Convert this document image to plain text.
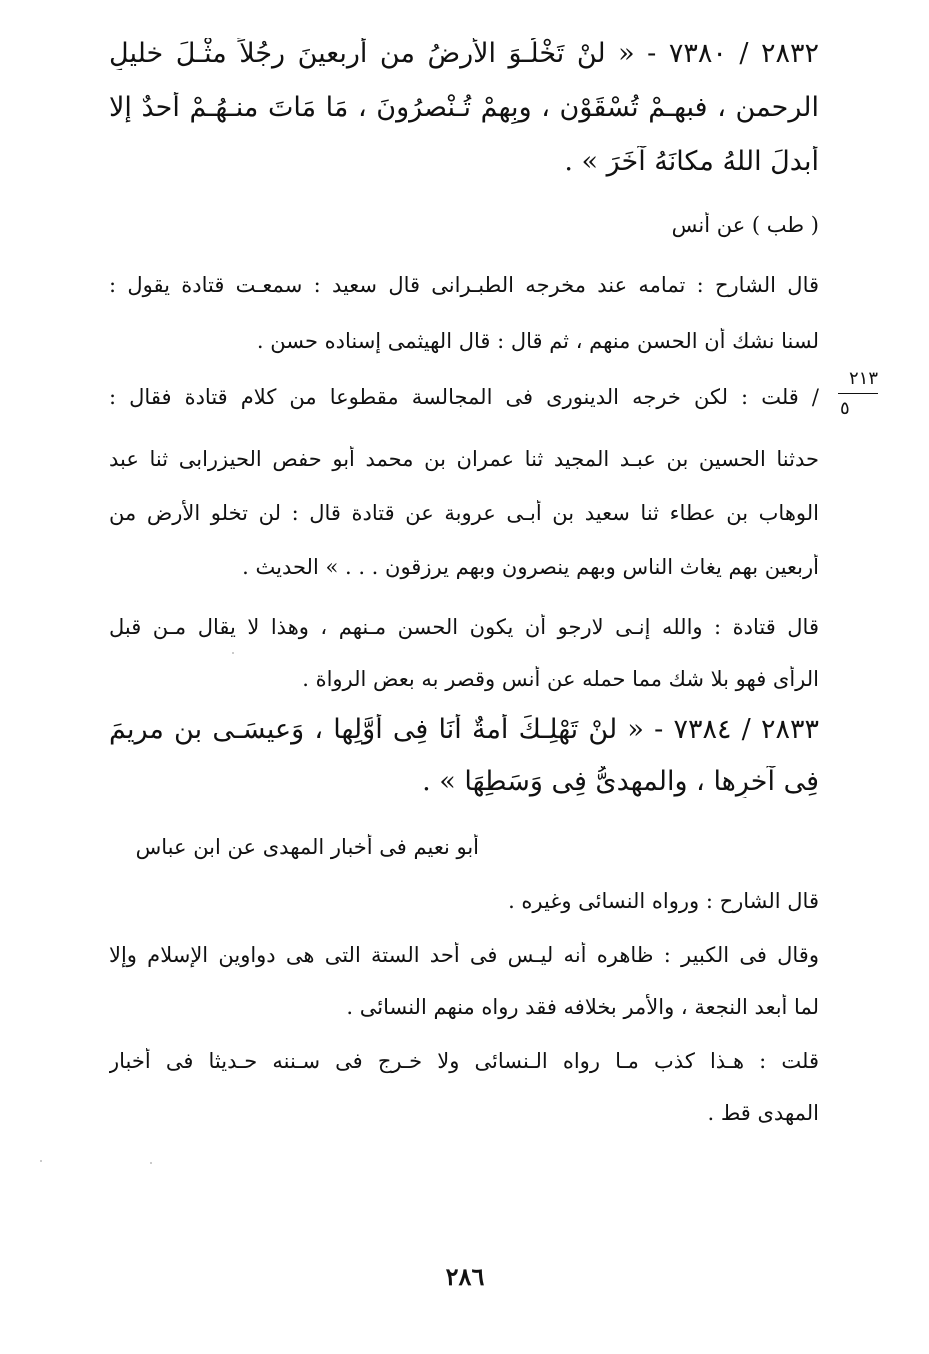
٢٨٣٢ / ٧٣٨٠ - « لنْ تَخْلُـوَ الأرضُ من أربعينَ رجُلاً مثْـلَ خليلِ
الرحمنِ ، فبهِـمْ تُسْقَوْن ، وبِهِمْ تُـنْصرُونَ ، مَا مَاتَ منـهُـمْ أحدٌ إلا
أبدلَ اللهُ مكانَهُ آخَرَ » .
( طب ) عن أنس
قال الشارح : تمامه عند مخرجه الطبـرانى قال سعيد : سمعـت قتادة يقول :
لسنا نشك أن الحسن منهم ، ثم قال : قال الهيثمى إسناده حسن .
/ قلت : لكن خرجه الدينورى فى المجالسة مقطوعا من كلام قتادة فقال :
٢١٣
٥
حدثنا الحسين بن عبـد المجيد ثنا عمران بن محمد أبو حفص الحيزرابى ثنا عبد
الوهاب بن عطاء ثنا سعيد بن أبـى عروبة عن قتادة قال : لن تخلو الأرض من
أربعين بهم يغاث الناس وبهم ينصرون وبهم يرزقون . . . » الحديث .
قال قتادة : والله إنـى لارجو أن يكون الحسن مـنهم ، وهذا لا يقال مـن قبل
الرأى فهو بلا شك مما حمله عن أنس وقصر به بعض الرواة .
٢٨٣٣ / ٧٣٨٤ - « لنْ تَهْلِـكَ أمةٌ أنَا فِى أوَّلِها ، وَعيسَـى بن مريمَ
فِى آخرِها ، والمهدىُّ فِى وَسَطِهَا » .
أبو نعيم فى أخبار المهدى عن ابن عباس
قال الشارح : ورواه النسائى وغيره .
وقال فى الكبير : ظاهره أنه ليـس فى أحد الستة التى هى دواوين الإسلام وإلا
لما أبعد النجعة ، والأمر بخلافه فقد رواه منهم النسائى .
قلت : هـذا كذب مـا رواه الـنسائى ولا خـرج فى سـننه حـديثا فى أخبار
المهدى قط .
٢٨٦
